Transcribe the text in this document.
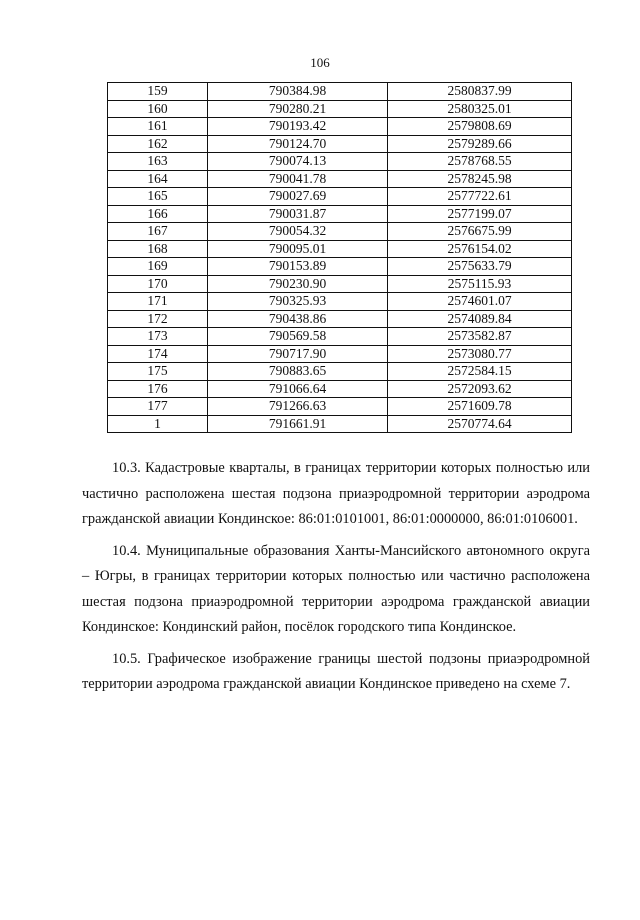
106
159	790384.98	2580837.99
160	790280.21	2580325.01
161	790193.42	2579808.69
162	790124.70	2579289.66
163	790074.13	2578768.55
164	790041.78	2578245.98
165	790027.69	2577722.61
166	790031.87	2577199.07
167	790054.32	2576675.99
168	790095.01	2576154.02
169	790153.89	2575633.79
170	790230.90	2575115.93
171	790325.93	2574601.07
172	790438.86	2574089.84
173	790569.58	2573582.87
174	790717.90	2573080.77
175	790883.65	2572584.15
176	791066.64	2572093.62
177	791266.63	2571609.78
1	791661.91	2570774.64

10.3. Кадастровые кварталы, в границах территории которых полностью или частично расположена шестая подзона приаэродромной территории аэродрома гражданской авиации Кондинское: 86:01:0101001, 86:01:0000000, 86:01:0106001.

10.4. Муниципальные образования Ханты-Мансийского автономного округа – Югры, в границах территории которых полностью или частично расположена шестая подзона приаэродромной территории аэродрома гражданской авиации Кондинское: Кондинский район, посёлок городского типа Кондинское.

10.5. Графическое изображение границы шестой подзоны приаэродромной территории аэродрома гражданской авиации Кондинское приведено на схеме 7.
